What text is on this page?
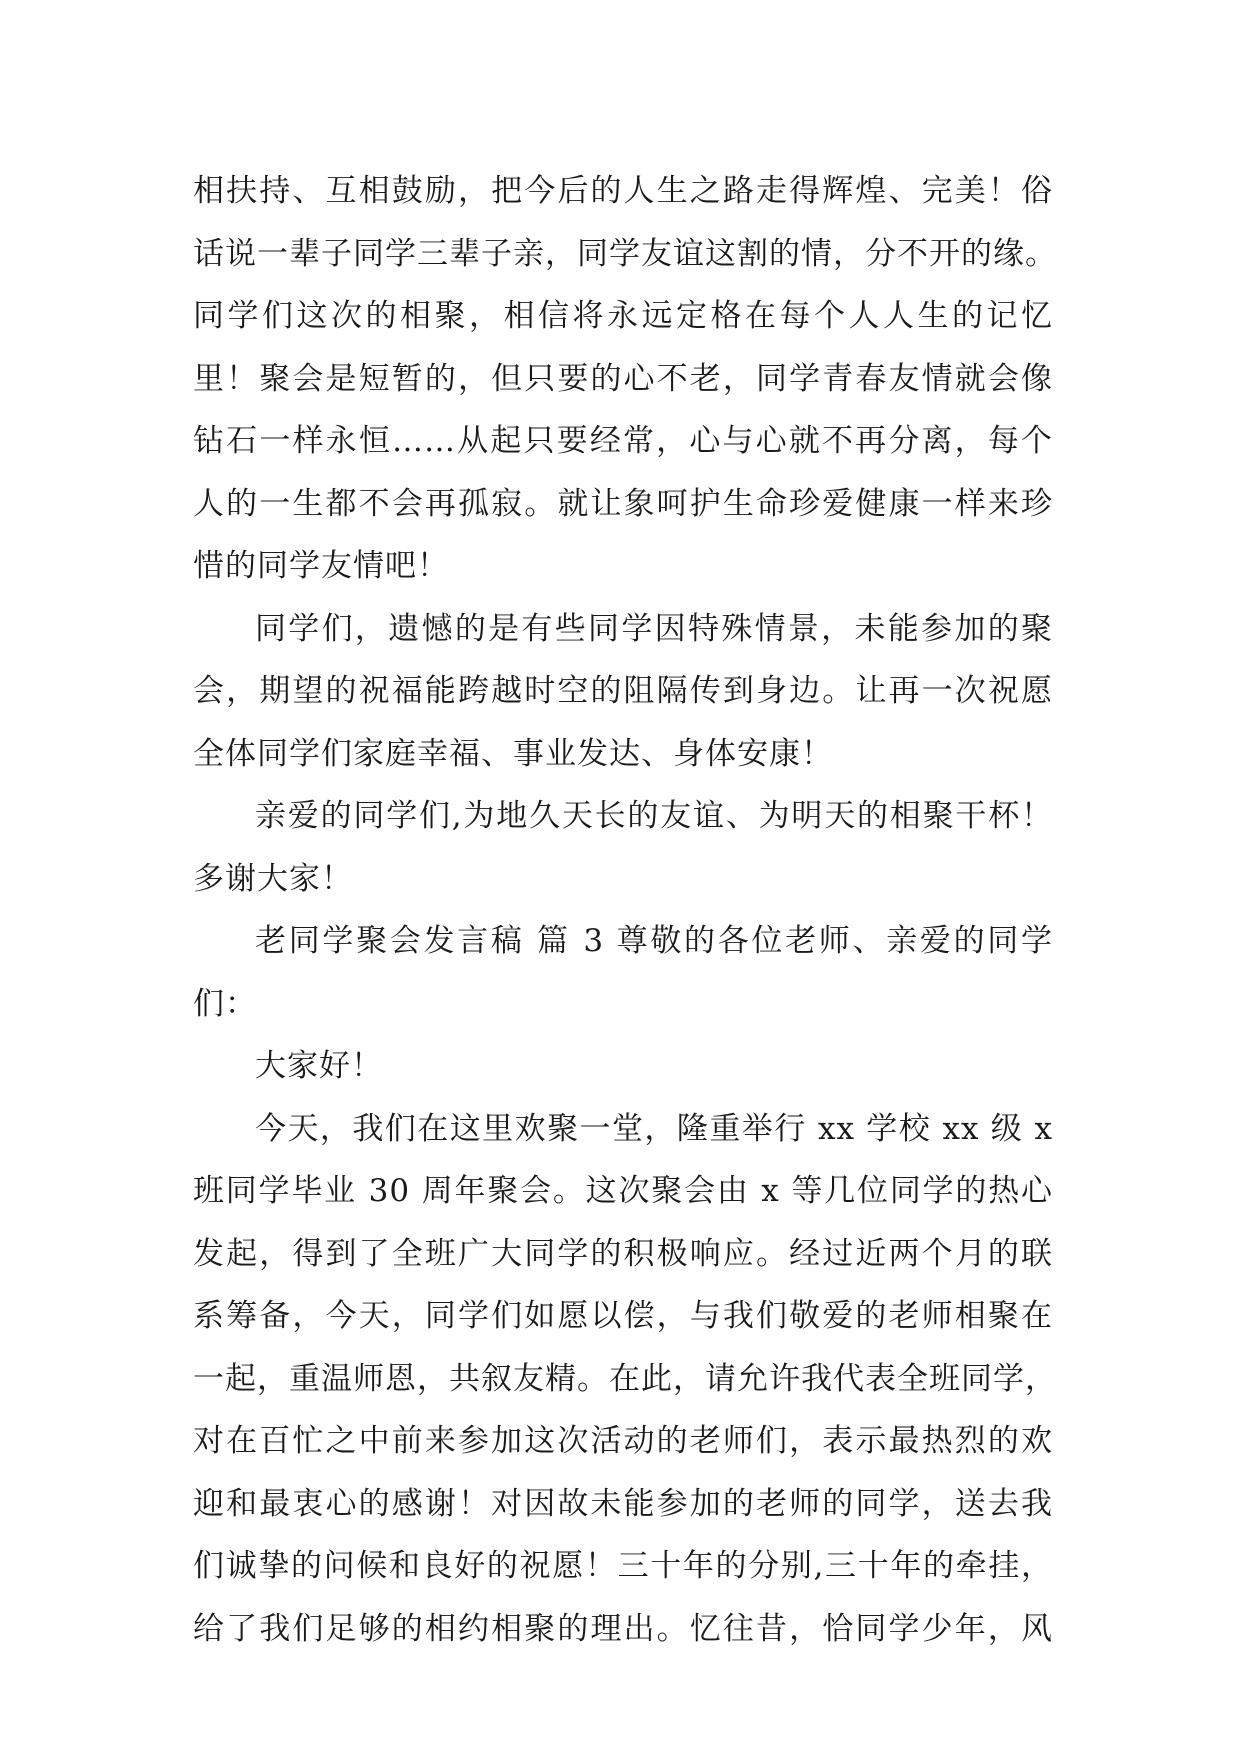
相扶持、互相鼓励，把今后的人生之路走得辉煌、完美！俗
话说一辈子同学三辈子亲，同学友谊这割的情，分不开的缘。
同学们这次的相聚，相信将永远定格在每个人人生的记忆
里！聚会是短暂的，但只要的心不老，同学青春友情就会像
钻石一样永恒……从起只要经常，心与心就不再分离，每个
人的一生都不会再孤寂。就让象呵护生命珍爱健康一样来珍
惜的同学友情吧！
同学们，遗憾的是有些同学因特殊情景，未能参加的聚
会，期望的祝福能跨越时空的阻隔传到身边。让再一次祝愿
全体同学们家庭幸福、事业发达、身体安康！
亲爱的同学们,为地久天长的友谊、为明天的相聚干杯！
多谢大家！
老同学聚会发言稿 篇 3 尊敬的各位老师、亲爱的同学
们：
大家好！
今天，我们在这里欢聚一堂，隆重举行 xx 学校 xx 级 x
班同学毕业 30 周年聚会。这次聚会由 x 等几位同学的热心
发起，得到了全班广大同学的积极响应。经过近两个月的联
系筹备，今天，同学们如愿以偿，与我们敬爱的老师相聚在
一起，重温师恩，共叙友精。在此，请允许我代表全班同学，
对在百忙之中前来参加这次活动的老师们，表示最热烈的欢
迎和最衷心的感谢！对因故未能参加的老师的同学，送去我
们诚挚的问候和良好的祝愿！三十年的分别,三十年的牵挂，
给了我们足够的相约相聚的理出。忆往昔，恰同学少年，风
